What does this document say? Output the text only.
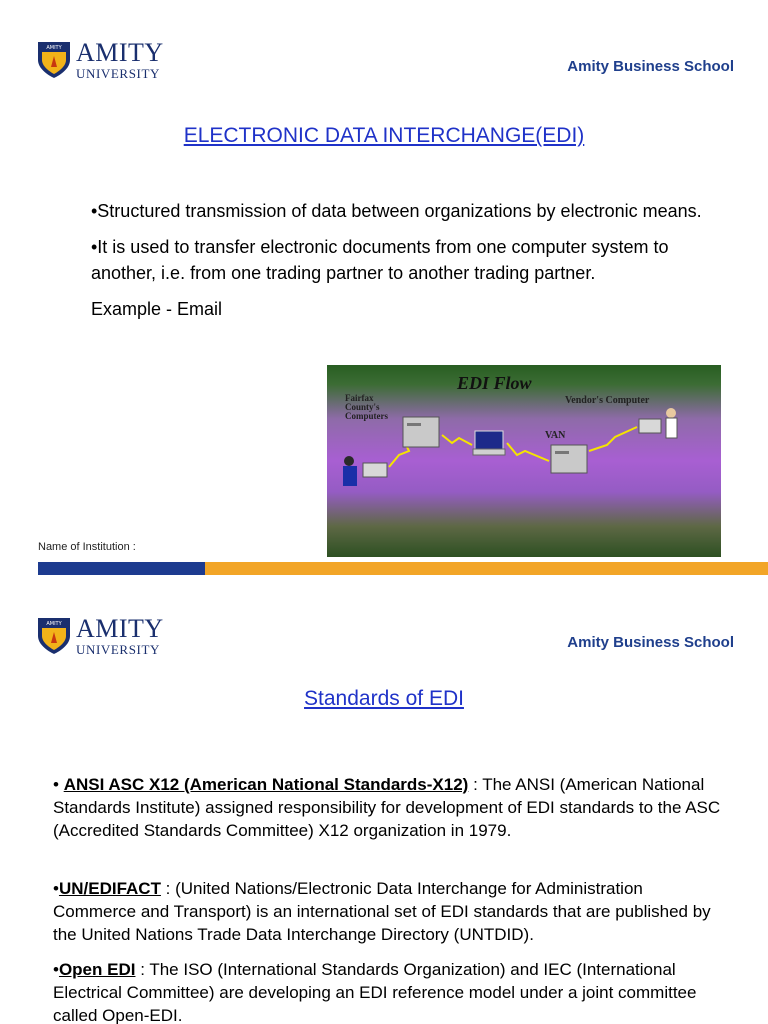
AMITY AMITY
UNIVERSITY	Amity Business School
ELECTRONIC DATA INTERCHANGE(EDI)

•Structured transmission of data between organizations by electronic means.

•It is used to transfer electronic documents from one computer system to another, i.e. from one trading partner to another trading partner.

Example - Email

EDI Flow
Fairfax
County's
Computers
Vendor's Computer
VAN
Name of Institution :
AMITY AMITY
UNIVERSITY	Amity Business School
Standards of EDI

• ANSI ASC X12 (American National Standards-X12) : The ANSI (American National Standards Institute) assigned responsibility for development of EDI standards to the ASC (Accredited Standards Committee) X12 organization in 1979.

•UN/EDIFACT : (United Nations/Electronic Data Interchange for Administration Commerce and Transport) is an international set of EDI standards that are published by the United Nations Trade Data Interchange Directory (UNTDID).

•Open EDI : The ISO (International Standards Organization) and IEC (International Electrical Committee) are developing an EDI reference model under a joint committee called Open-EDI.
